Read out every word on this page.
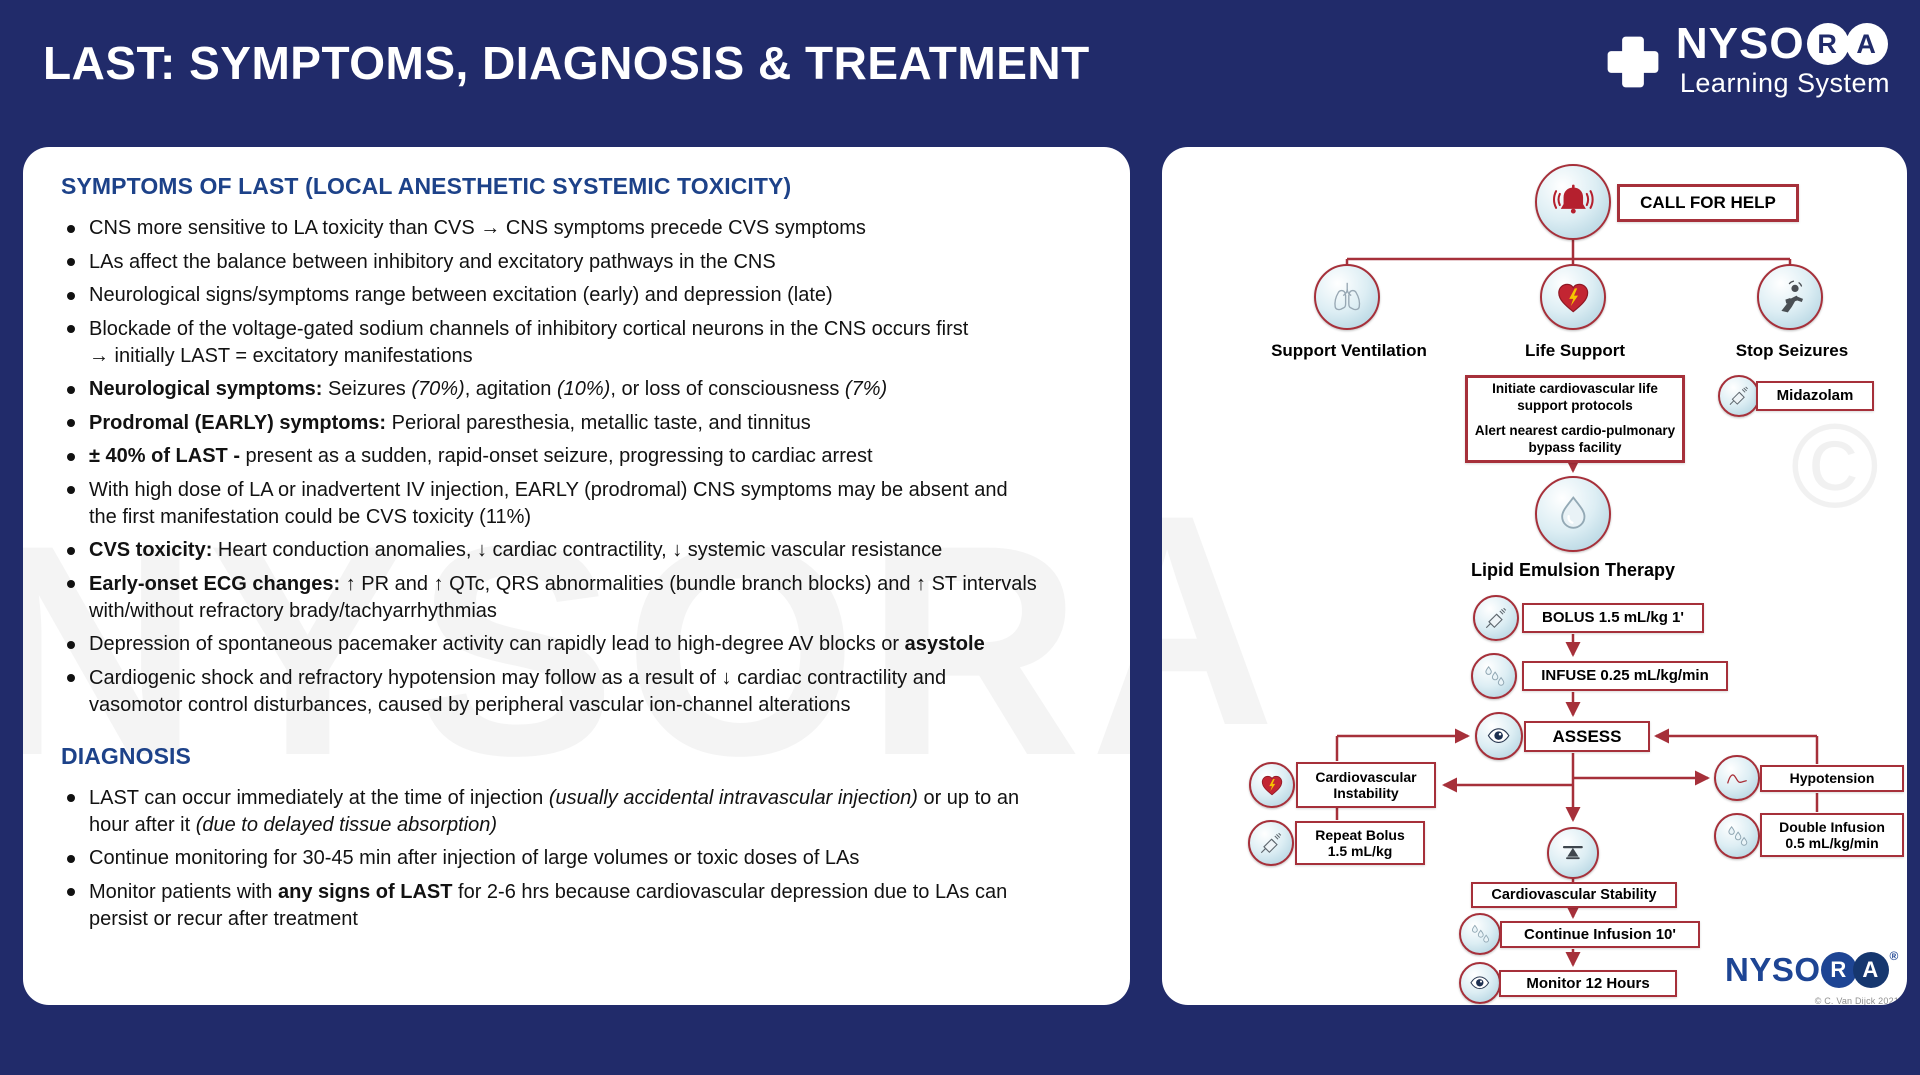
LAST: SYMPTOMS, DIAGNOSIS & TREATMENT	NYSO R A
Learning System
SYMPTOMS OF LAST (LOCAL ANESTHETIC SYSTEMIC TOXICITY)
CNS more sensitive to LA toxicity than CVS → CNS symptoms precede CVS symptoms
LAs affect the balance between inhibitory and excitatory pathways in the CNS
Neurological signs/symptoms range between excitation (early) and depression (late)
Blockade of the voltage-gated sodium channels of inhibitory cortical neurons in the CNS occurs first
→ initially LAST = excitatory manifestations
Neurological symptoms: Seizures (70%), agitation (10%), or loss of consciousness (7%)
Prodromal (EARLY) symptoms: Perioral paresthesia, metallic taste, and tinnitus
± 40% of LAST - present as a sudden, rapid-onset seizure, progressing to cardiac arrest
With high dose of LA or inadvertent IV injection, EARLY (prodromal) CNS symptoms may be absent and
the first manifestation could be CVS toxicity (11%)
CVS toxicity: Heart conduction anomalies, ↓ cardiac contractility, ↓ systemic vascular resistance
Early-onset ECG changes: ↑ PR and ↑ QTc, QRS abnormalities (bundle branch blocks) and ↑ ST intervals
with/without refractory brady/tachyarrhythmias
Depression of spontaneous pacemaker activity can rapidly lead to high-degree AV blocks or asystole
Cardiogenic shock and refractory hypotension may follow as a result of ↓ cardiac contractility and
vasomotor control disturbances, caused by peripheral vascular ion-channel alterations
DIAGNOSIS
LAST can occur immediately at the time of injection (usually accidental intravascular injection) or up to an
hour after it (due to delayed tissue absorption)
Continue monitoring for 30-45 min after injection of large volumes or toxic doses of LAs
Monitor patients with any signs of LAST for 2-6 hrs because cardiovascular depression due to LAs can
persist or recur after treatment
©
CALL FOR HELP
Support Ventilation	Life Support	Stop Seizures
Initiate cardiovascular life support protocols
Alert nearest cardio-pulmonary bypass facility
Midazolam
Lipid Emulsion Therapy
BOLUS 1.5 mL/kg 1'
INFUSE 0.25 mL/kg/min
ASSESS
Cardiovascular
Instability
Hypotension
Repeat Bolus
1.5 mL/kg
Double Infusion
0.5 mL/kg/min
Cardiovascular Stability
Continue Infusion 10'
Monitor 12 Hours NYSO R A
®
© C. Van Dijck 2021
